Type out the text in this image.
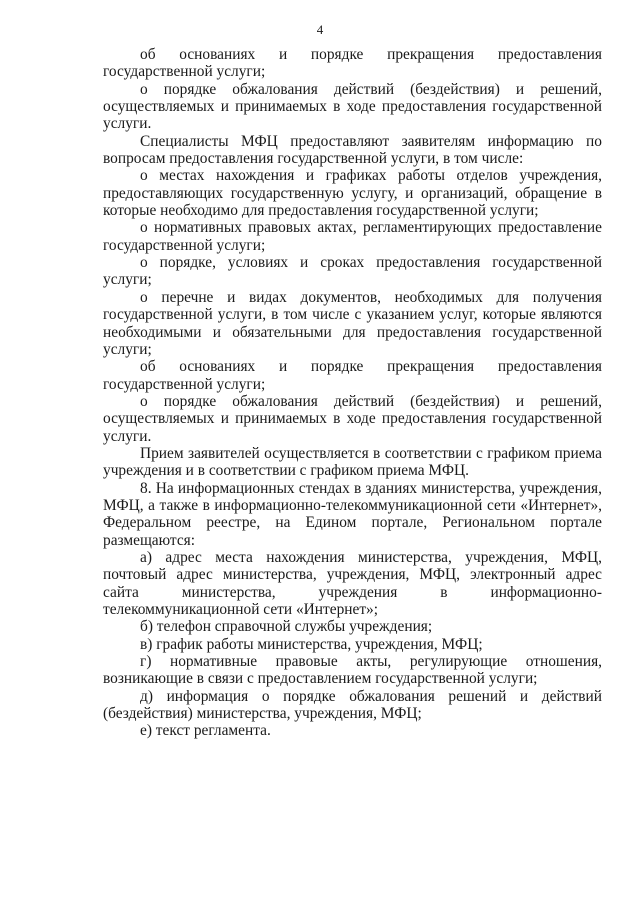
4

об основаниях и порядке прекращения предоставления государственной услуги;

о порядке обжалования действий (бездействия) и решений, осуществляемых и принимаемых в ходе предоставления государственной услуги.

Специалисты МФЦ предоставляют заявителям информацию по вопросам предоставления государственной услуги, в том числе:

о местах нахождения и графиках работы отделов учреждения, предоставляющих государственную услугу, и организаций, обращение в которые необходимо для предоставления государственной услуги;

о нормативных правовых актах, регламентирующих предоставление государственной услуги;

о порядке, условиях и сроках предоставления государственной услуги;

о перечне и видах документов, необходимых для получения государственной услуги, в том числе с указанием услуг, которые являются необходимыми и обязательными для предоставления государственной услуги;

об основаниях и порядке прекращения предоставления государственной услуги;

о порядке обжалования действий (бездействия) и решений, осуществляемых и принимаемых в ходе предоставления государственной услуги.

Прием заявителей осуществляется в соответствии с графиком приема учреждения и в соответствии с графиком приема МФЦ.

8. На информационных стендах в зданиях министерства, учреждения, МФЦ, а также в информационно-телекоммуникационной сети «Интернет», Федеральном реестре, на Едином портале, Региональном портале размещаются:

а) адрес места нахождения министерства, учреждения, МФЦ, почтовый адрес министерства, учреждения, МФЦ, электронный адрес сайта министерства, учреждения в информационно-телекоммуникационной сети «Интернет»;

б) телефон справочной службы учреждения;

в) график работы министерства, учреждения, МФЦ;

г) нормативные правовые акты, регулирующие отношения, возникающие в связи с предоставлением государственной услуги;

д) информация о порядке обжалования решений и действий (бездействия) министерства, учреждения, МФЦ;

е) текст регламента.
